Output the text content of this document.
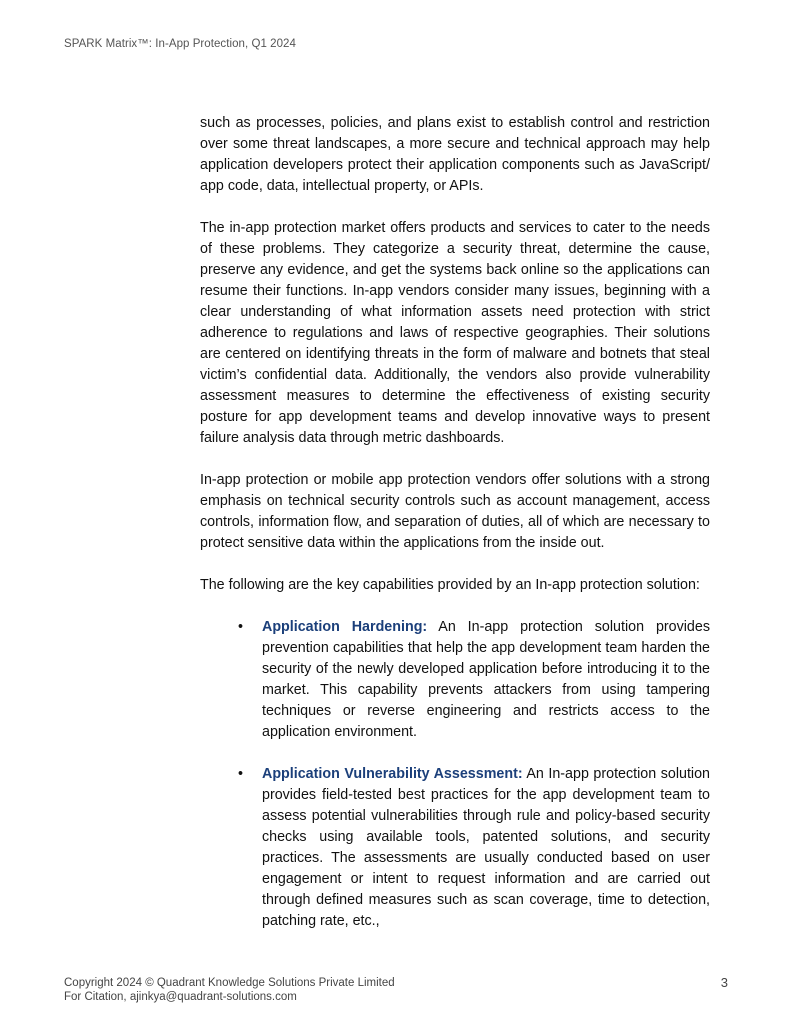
SPARK Matrix™: In-App Protection, Q1 2024

such as processes, policies, and plans exist to establish control and restriction over some threat landscapes, a more secure and technical approach may help application developers protect their application components such as JavaScript/ app code, data, intellectual property, or APIs.

The in-app protection market offers products and services to cater to the needs of these problems. They categorize a security threat, determine the cause, preserve any evidence, and get the systems back online so the applications can resume their functions. In-app vendors consider many issues, beginning with a clear understanding of what information assets need protection with strict adherence to regulations and laws of respective geographies. Their solutions are centered on identifying threats in the form of malware and botnets that steal victim’s confidential data. Additionally, the vendors also provide vulnerability assessment measures to determine the effectiveness of existing security posture for app development teams and develop innovative ways to present failure analysis data through metric dashboards.

In-app protection or mobile app protection vendors offer solutions with a strong emphasis on technical security controls such as account management, access controls, information flow, and separation of duties, all of which are necessary to protect sensitive data within the applications from the inside out.

The following are the key capabilities provided by an In-app protection solution:

• Application Hardening: An In-app protection solution provides prevention capabilities that help the app development team harden the security of the newly developed application before introducing it to the market. This capability prevents attackers from using tampering techniques or reverse engineering and restricts access to the application environment.
• Application Vulnerability Assessment: An In-app protection solution provides field-tested best practices for the app development team to assess potential vulnerabilities through rule and policy-based security checks using available tools, patented solutions, and security practices. The assessments are usually conducted based on user engagement or intent to request information and are carried out through defined measures such as scan coverage, time to detection, patching rate, etc.,
Copyright 2024 © Quadrant Knowledge Solutions Private Limited
For Citation, ajinkya@quadrant-solutions.com
3
